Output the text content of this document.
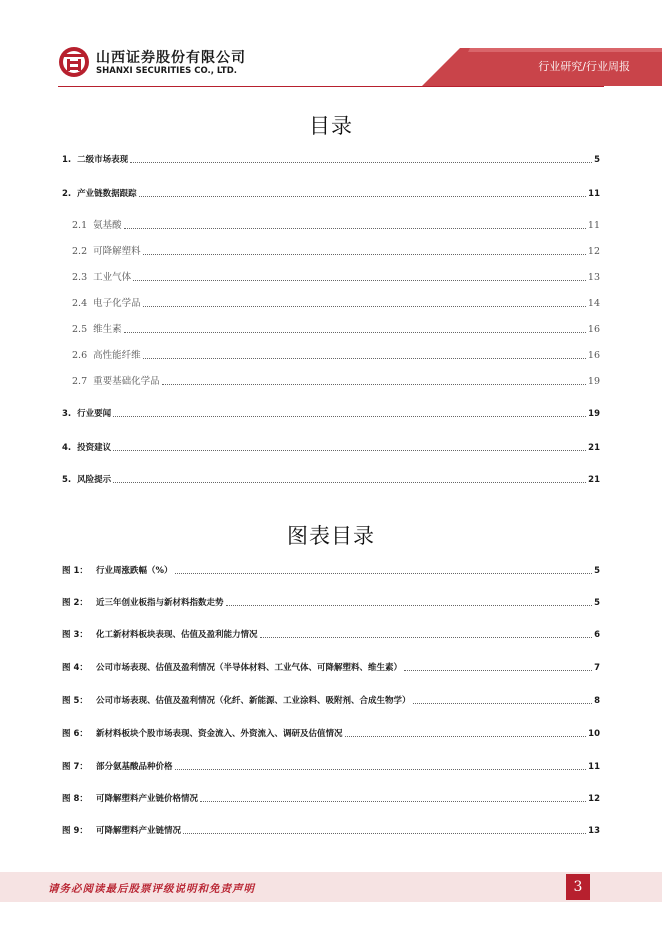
山西证券股份有限公司
SHANXI SECURITIES CO., LTD.	行业研究/行业周报
目录
1. 二级市场表现	5
2. 产业链数据跟踪	11
2.1 氨基酸	11
2.2 可降解塑料	12
2.3 工业气体	13
2.4 电子化学品	14
2.5 维生素	16
2.6 高性能纤维	16
2.7 重要基础化学品	19
3. 行业要闻	19
4. 投资建议	21
5. 风险提示	21
图表目录
图 1： 行业周涨跌幅（%）	5
图 2： 近三年创业板指与新材料指数走势	5
图 3： 化工新材料板块表现、估值及盈利能力情况	6
图 4： 公司市场表现、估值及盈利情况（半导体材料、工业气体、可降解塑料、维生素）	7
图 5： 公司市场表现、估值及盈利情况（化纤、新能源、工业涂料、吸附剂、合成生物学）	8
图 6： 新材料板块个股市场表现、资金流入、外资流入、调研及估值情况	10
图 7： 部分氨基酸品种价格	11
图 8： 可降解塑料产业链价格情况	12
图 9： 可降解塑料产业链情况	13
请务必阅读最后股票评级说明和免责声明	3
